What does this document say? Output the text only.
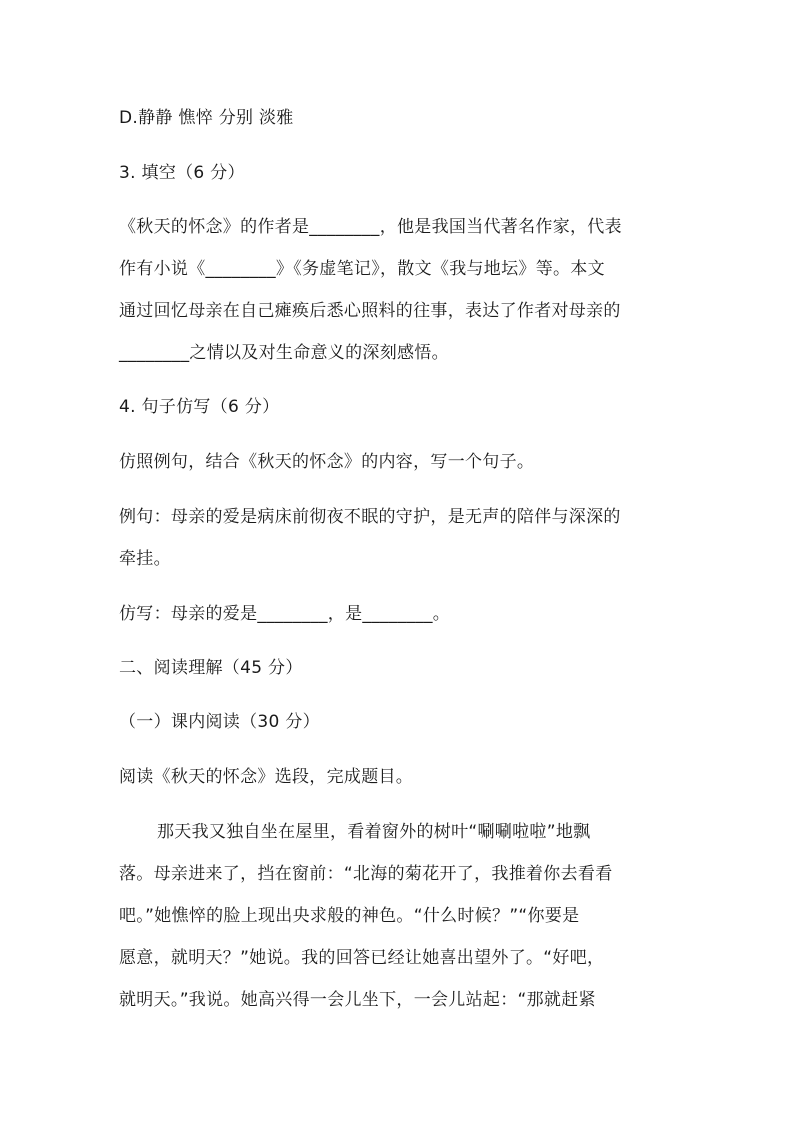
D.静静 憔悴 分别 淡雅
3. 填空（6 分）
《秋天的怀念》的作者是________，他是我国当代著名作家，代表
作有小说《________》《务虚笔记》，散文《我与地坛》等。本文
通过回忆母亲在自己瘫痪后悉心照料的往事，表达了作者对母亲的
________之情以及对生命意义的深刻感悟。
4. 句子仿写（6 分）
仿照例句，结合《秋天的怀念》的内容，写一个句子。
例句：母亲的爱是病床前彻夜不眠的守护，是无声的陪伴与深深的
牵挂。
仿写：母亲的爱是________，是________。
二、阅读理解（45 分）
（一）课内阅读（30 分）
阅读《秋天的怀念》选段，完成题目。
那天我又独自坐在屋里，看着窗外的树叶“唰唰啦啦”地飘
落。母亲进来了，挡在窗前：“北海的菊花开了，我推着你去看看
吧。”她憔悴的脸上现出央求般的神色。“什么时候？”“你要是
愿意，就明天？”她说。我的回答已经让她喜出望外了。“好吧，
就明天。”我说。她高兴得一会儿坐下，一会儿站起：“那就赶紧
